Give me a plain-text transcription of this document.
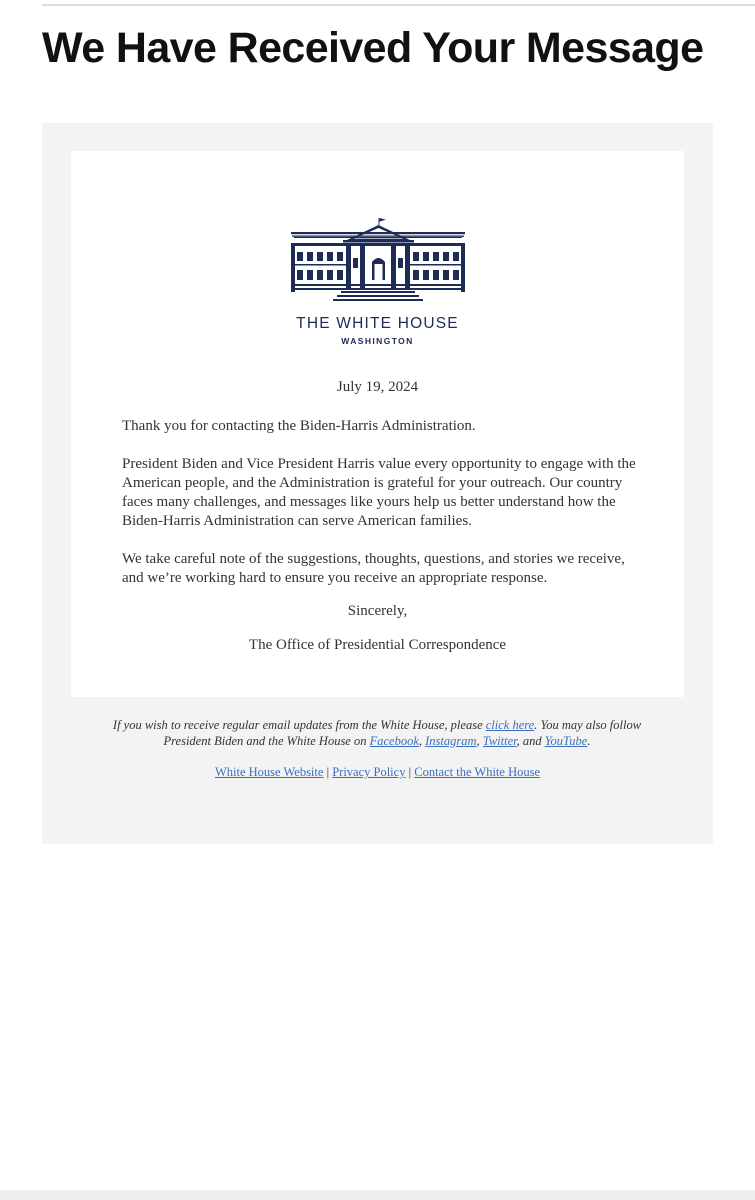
We Have Received Your Message
THE WHITE HOUSE
WASHINGTON
July 19, 2024

Thank you for contacting the Biden-Harris Administration.

President Biden and Vice President Harris value every opportunity to engage with the American people, and the Administration is grateful for your outreach. Our country faces many challenges, and messages like yours help us better understand how the Biden-Harris Administration can serve American families.

We take careful note of the suggestions, thoughts, questions, and stories we receive, and we’re working hard to ensure you receive an appropriate response.

Sincerely,
The Office of Presidential Correspondence
If you wish to receive regular email updates from the White House, please click here. You may also follow President Biden and the White House on Facebook, Instagram, Twitter, and YouTube.
White House Website | Privacy Policy | Contact the White House
